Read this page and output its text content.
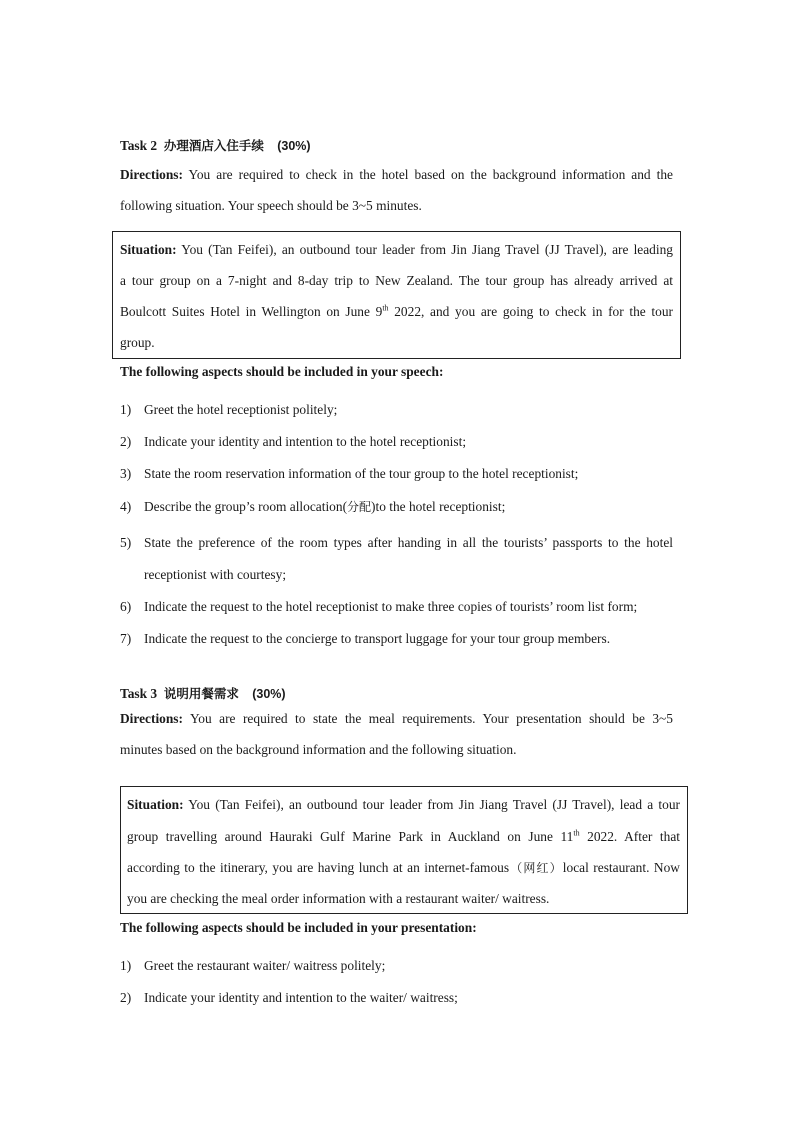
Task 2 办理酒店入住手续 (30%)
Directions: You are required to check in the hotel based on the background information and the
following situation. Your speech should be 3~5 minutes.
Situation: You (Tan Feifei), an outbound tour leader from Jin Jiang Travel (JJ Travel), are leading
a tour group on a 7-night and 8-day trip to New Zealand. The tour group has already arrived at
Boulcott Suites Hotel in Wellington on June 9th 2022, and you are going to check in for the tour
group.
The following aspects should be included in your speech:
1) Greet the hotel receptionist politely;
2) Indicate your identity and intention to the hotel receptionist;
3) State the room reservation information of the tour group to the hotel receptionist;
4) Describe the group’s room allocation(分配)to the hotel receptionist;
5) State the preference of the room types after handing in all the tourists’ passports to the hotel
receptionist with courtesy;
6) Indicate the request to the hotel receptionist to make three copies of tourists’ room list form;
7) Indicate the request to the concierge to transport luggage for your tour group members.
Task 3 说明用餐需求 (30%)
Directions: You are required to state the meal requirements. Your presentation should be 3~5
minutes based on the background information and the following situation.
Situation: You (Tan Feifei), an outbound tour leader from Jin Jiang Travel (JJ Travel), lead a tour
group travelling around Hauraki Gulf Marine Park in Auckland on June 11th 2022. After that
according to the itinerary, you are having lunch at an internet-famous（网红）local restaurant. Now
you are checking the meal order information with a restaurant waiter/ waitress.
The following aspects should be included in your presentation:
1) Greet the restaurant waiter/ waitress politely;
2) Indicate your identity and intention to the waiter/ waitress;
